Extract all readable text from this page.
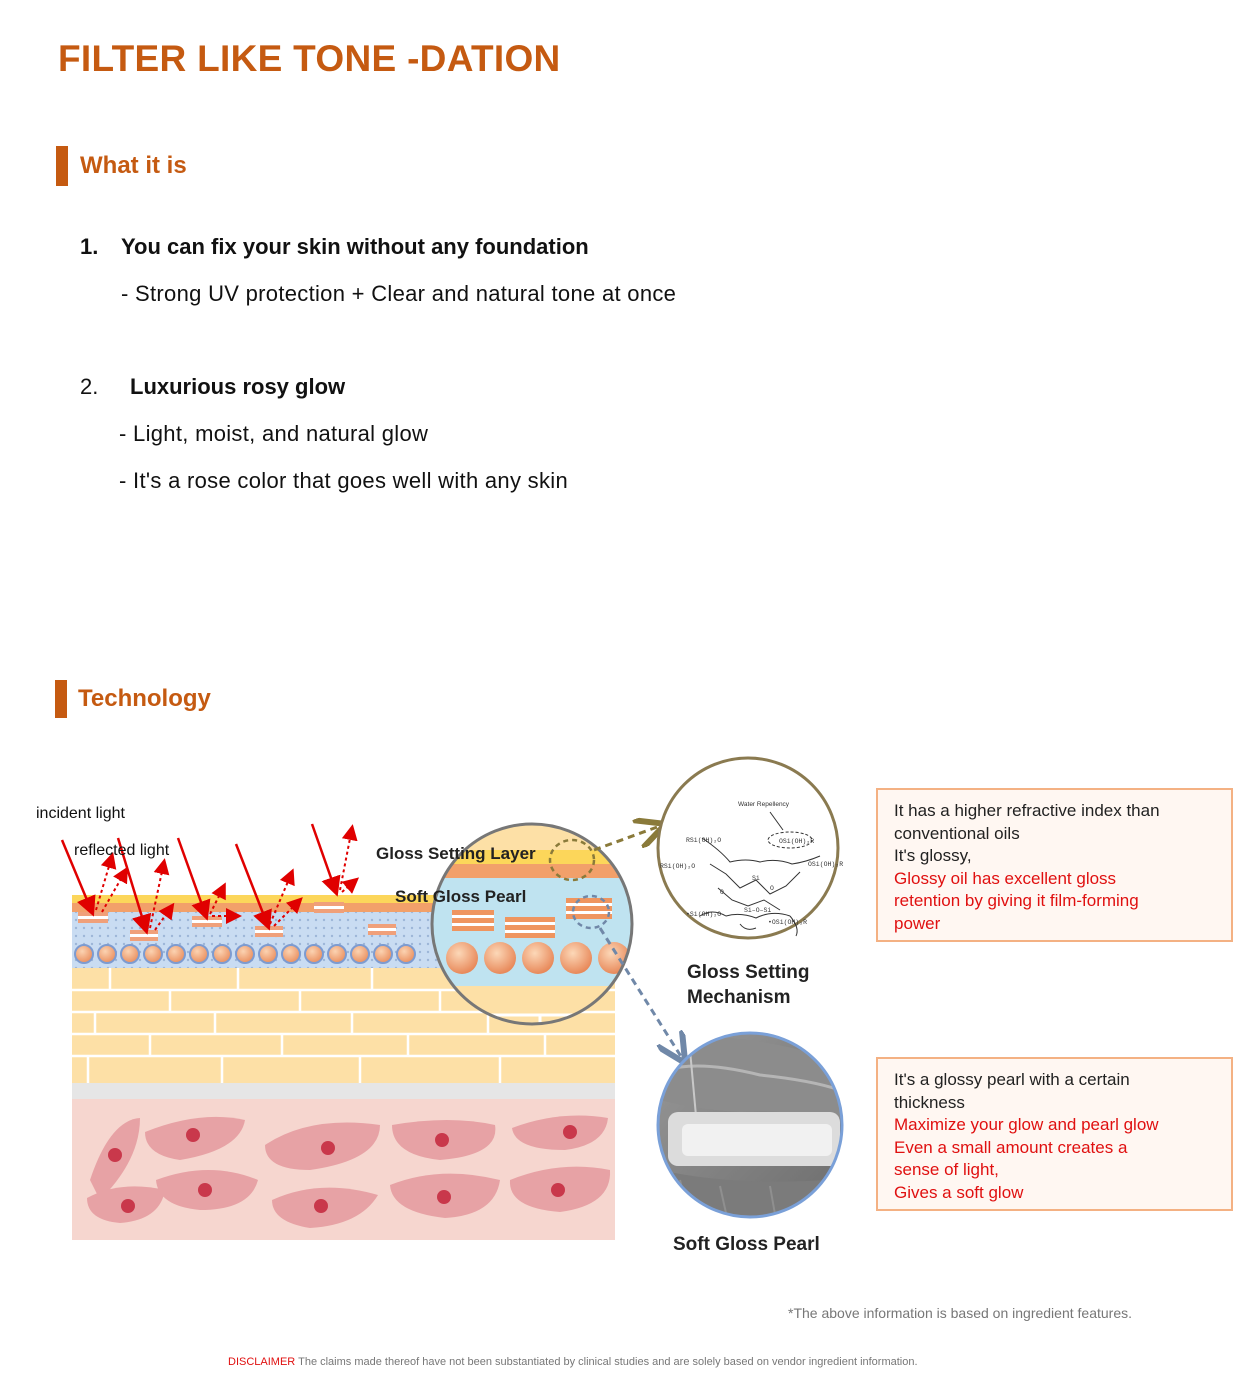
FILTER LIKE TONE -DATION
What it is
1. You can fix your skin without any foundation
- Strong UV protection + Clear and natural tone at once
2. Luxurious rosy glow
- Light, moist, and natural glow
- It's a rose color that goes well with any skin
Technology
RSi(OH)₂O
RSi(OH)₂O	OSi(OH)₂R
•Si(OH)₂O
Si–O–Si
•OSi(OH)₂R
O
O
Si
OSi(OH)₂R
Water Repellency
incident light
reflected light	Gloss Setting Layer
Soft Gloss Pearl
Gloss Setting
Mechanism
Soft Gloss Pearl
It has a higher refractive index than
conventional oils
It's glossy,
Glossy oil has excellent gloss
retention by giving it film-forming
power
It's a glossy pearl with a certain
thickness
Maximize your glow and pearl glow
Even a small amount creates a
sense of light,
Gives a soft glow
*The above information is based on ingredient features.
DISCLAIMER The claims made thereof have not been substantiated by clinical studies and are solely based on vendor ingredient information.
